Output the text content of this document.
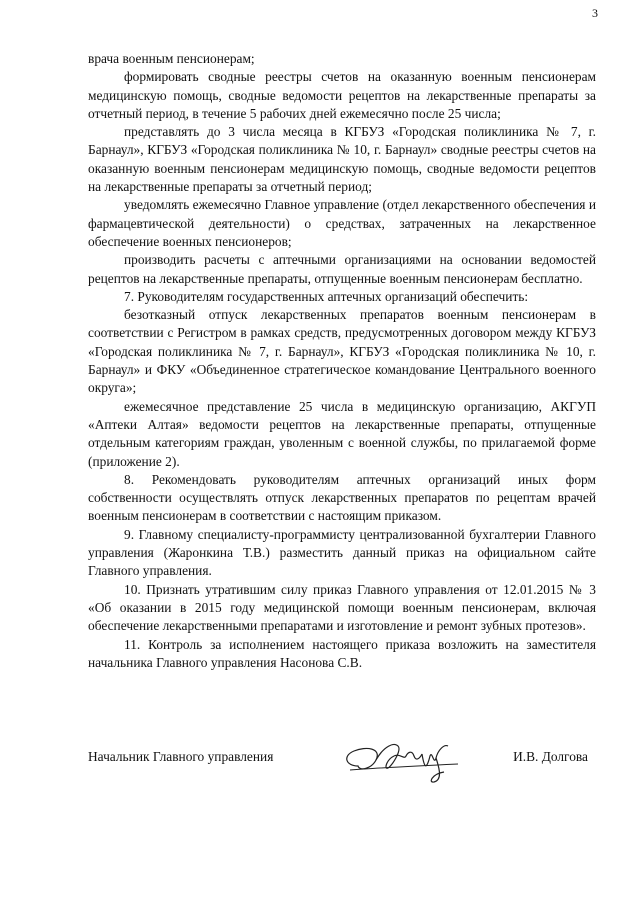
3

врача военным пенсионерам;

формировать сводные реестры счетов на оказанную военным пенсионерам медицинскую помощь, сводные ведомости рецептов на лекарственные препараты за отчетный период, в течение 5 рабочих дней ежемесячно после 25 числа;

представлять до 3 числа месяца в КГБУЗ «Городская поликлиника № 7, г. Барнаул», КГБУЗ «Городская поликлиника № 10, г. Барнаул» сводные реестры счетов на оказанную военным пенсионерам медицинскую помощь, сводные ведомости рецептов на лекарственные препараты за отчетный период;

уведомлять ежемесячно Главное управление (отдел лекарственного обеспечения и фармацевтической деятельности) о средствах, затраченных на лекарственное обеспечение военных пенсионеров;

производить расчеты с аптечными организациями на основании ведомостей рецептов на лекарственные препараты, отпущенные военным пенсионерам бесплатно.

7. Руководителям государственных аптечных организаций обеспечить:

безотказный отпуск лекарственных препаратов военным пенсионерам в соответствии с Регистром в рамках средств, предусмотренных договором между КГБУЗ «Городская поликлиника № 7, г. Барнаул», КГБУЗ «Городская поликлиника № 10, г. Барнаул» и ФКУ «Объединенное стратегическое командование Центрального военного округа»;

ежемесячное представление 25 числа в медицинскую организацию, АКГУП «Аптеки Алтая» ведомости рецептов на лекарственные препараты, отпущенные отдельным категориям граждан, уволенным с военной службы, по прилагаемой форме (приложение 2).

8. Рекомендовать руководителям аптечных организаций иных форм собственности осуществлять отпуск лекарственных препаратов по рецептам врачей военным пенсионерам в соответствии с настоящим приказом.

9. Главному специалисту-программисту централизованной бухгалтерии Главного управления (Жаронкина Т.В.) разместить данный приказ на официальном сайте Главного управления.

10. Признать утратившим силу приказ Главного управления от 12.01.2015 № 3 «Об оказании в 2015 году медицинской помощи военным пенсионерам, включая обеспечение лекарственными препаратами и изготовление и ремонт зубных протезов».

11. Контроль за исполнением настоящего приказа возложить на заместителя начальника Главного управления Насонова С.В.

Начальник Главного управления	И.В. Долгова
